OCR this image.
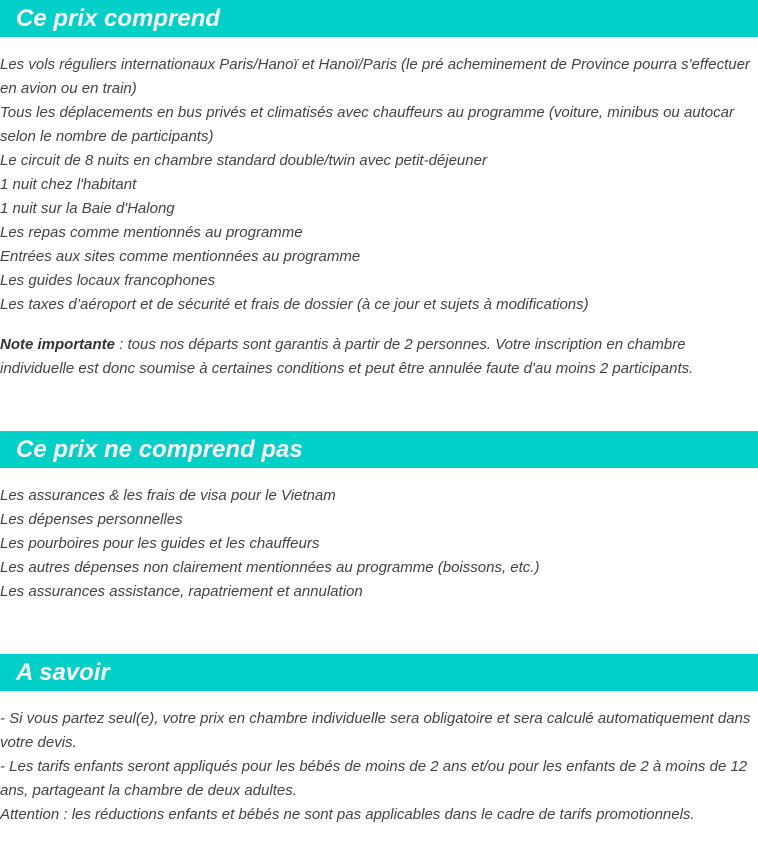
Ce prix comprend

Les vols réguliers internationaux Paris/Hanoï et Hanoï/Paris (le pré acheminement de Province pourra s'effectuer en avion ou en train)

Tous les déplacements en bus privés et climatisés avec chauffeurs au programme (voiture, minibus ou autocar selon le nombre de participants)

Le circuit de 8 nuits en chambre standard double/twin avec petit-déjeuner

1 nuit chez l'habitant

1 nuit sur la Baie d'Halong

Les repas comme mentionnés au programme

Entrées aux sites comme mentionnées au programme

Les guides locaux francophones

Les taxes d’aéroport et de sécurité et frais de dossier (à ce jour et sujets à modifications)

Note importante : tous nos départs sont garantis à partir de 2 personnes. Votre inscription en chambre individuelle est donc soumise à certaines conditions et peut être annulée faute d'au moins 2 participants.
Ce prix ne comprend pas

Les assurances & les frais de visa pour le Vietnam

Les dépenses personnelles

Les pourboires pour les guides et les chauffeurs

Les autres dépenses non clairement mentionnées au programme (boissons, etc.)

Les assurances assistance, rapatriement et annulation

A savoir

- Si vous partez seul(e), votre prix en chambre individuelle sera obligatoire et sera calculé automatiquement dans votre devis.

- Les tarifs enfants seront appliqués pour les bébés de moins de 2 ans et/ou pour les enfants de 2 à moins de 12 ans, partageant la chambre de deux adultes.

Attention : les réductions enfants et bébés ne sont pas applicables dans le cadre de tarifs promotionnels.
